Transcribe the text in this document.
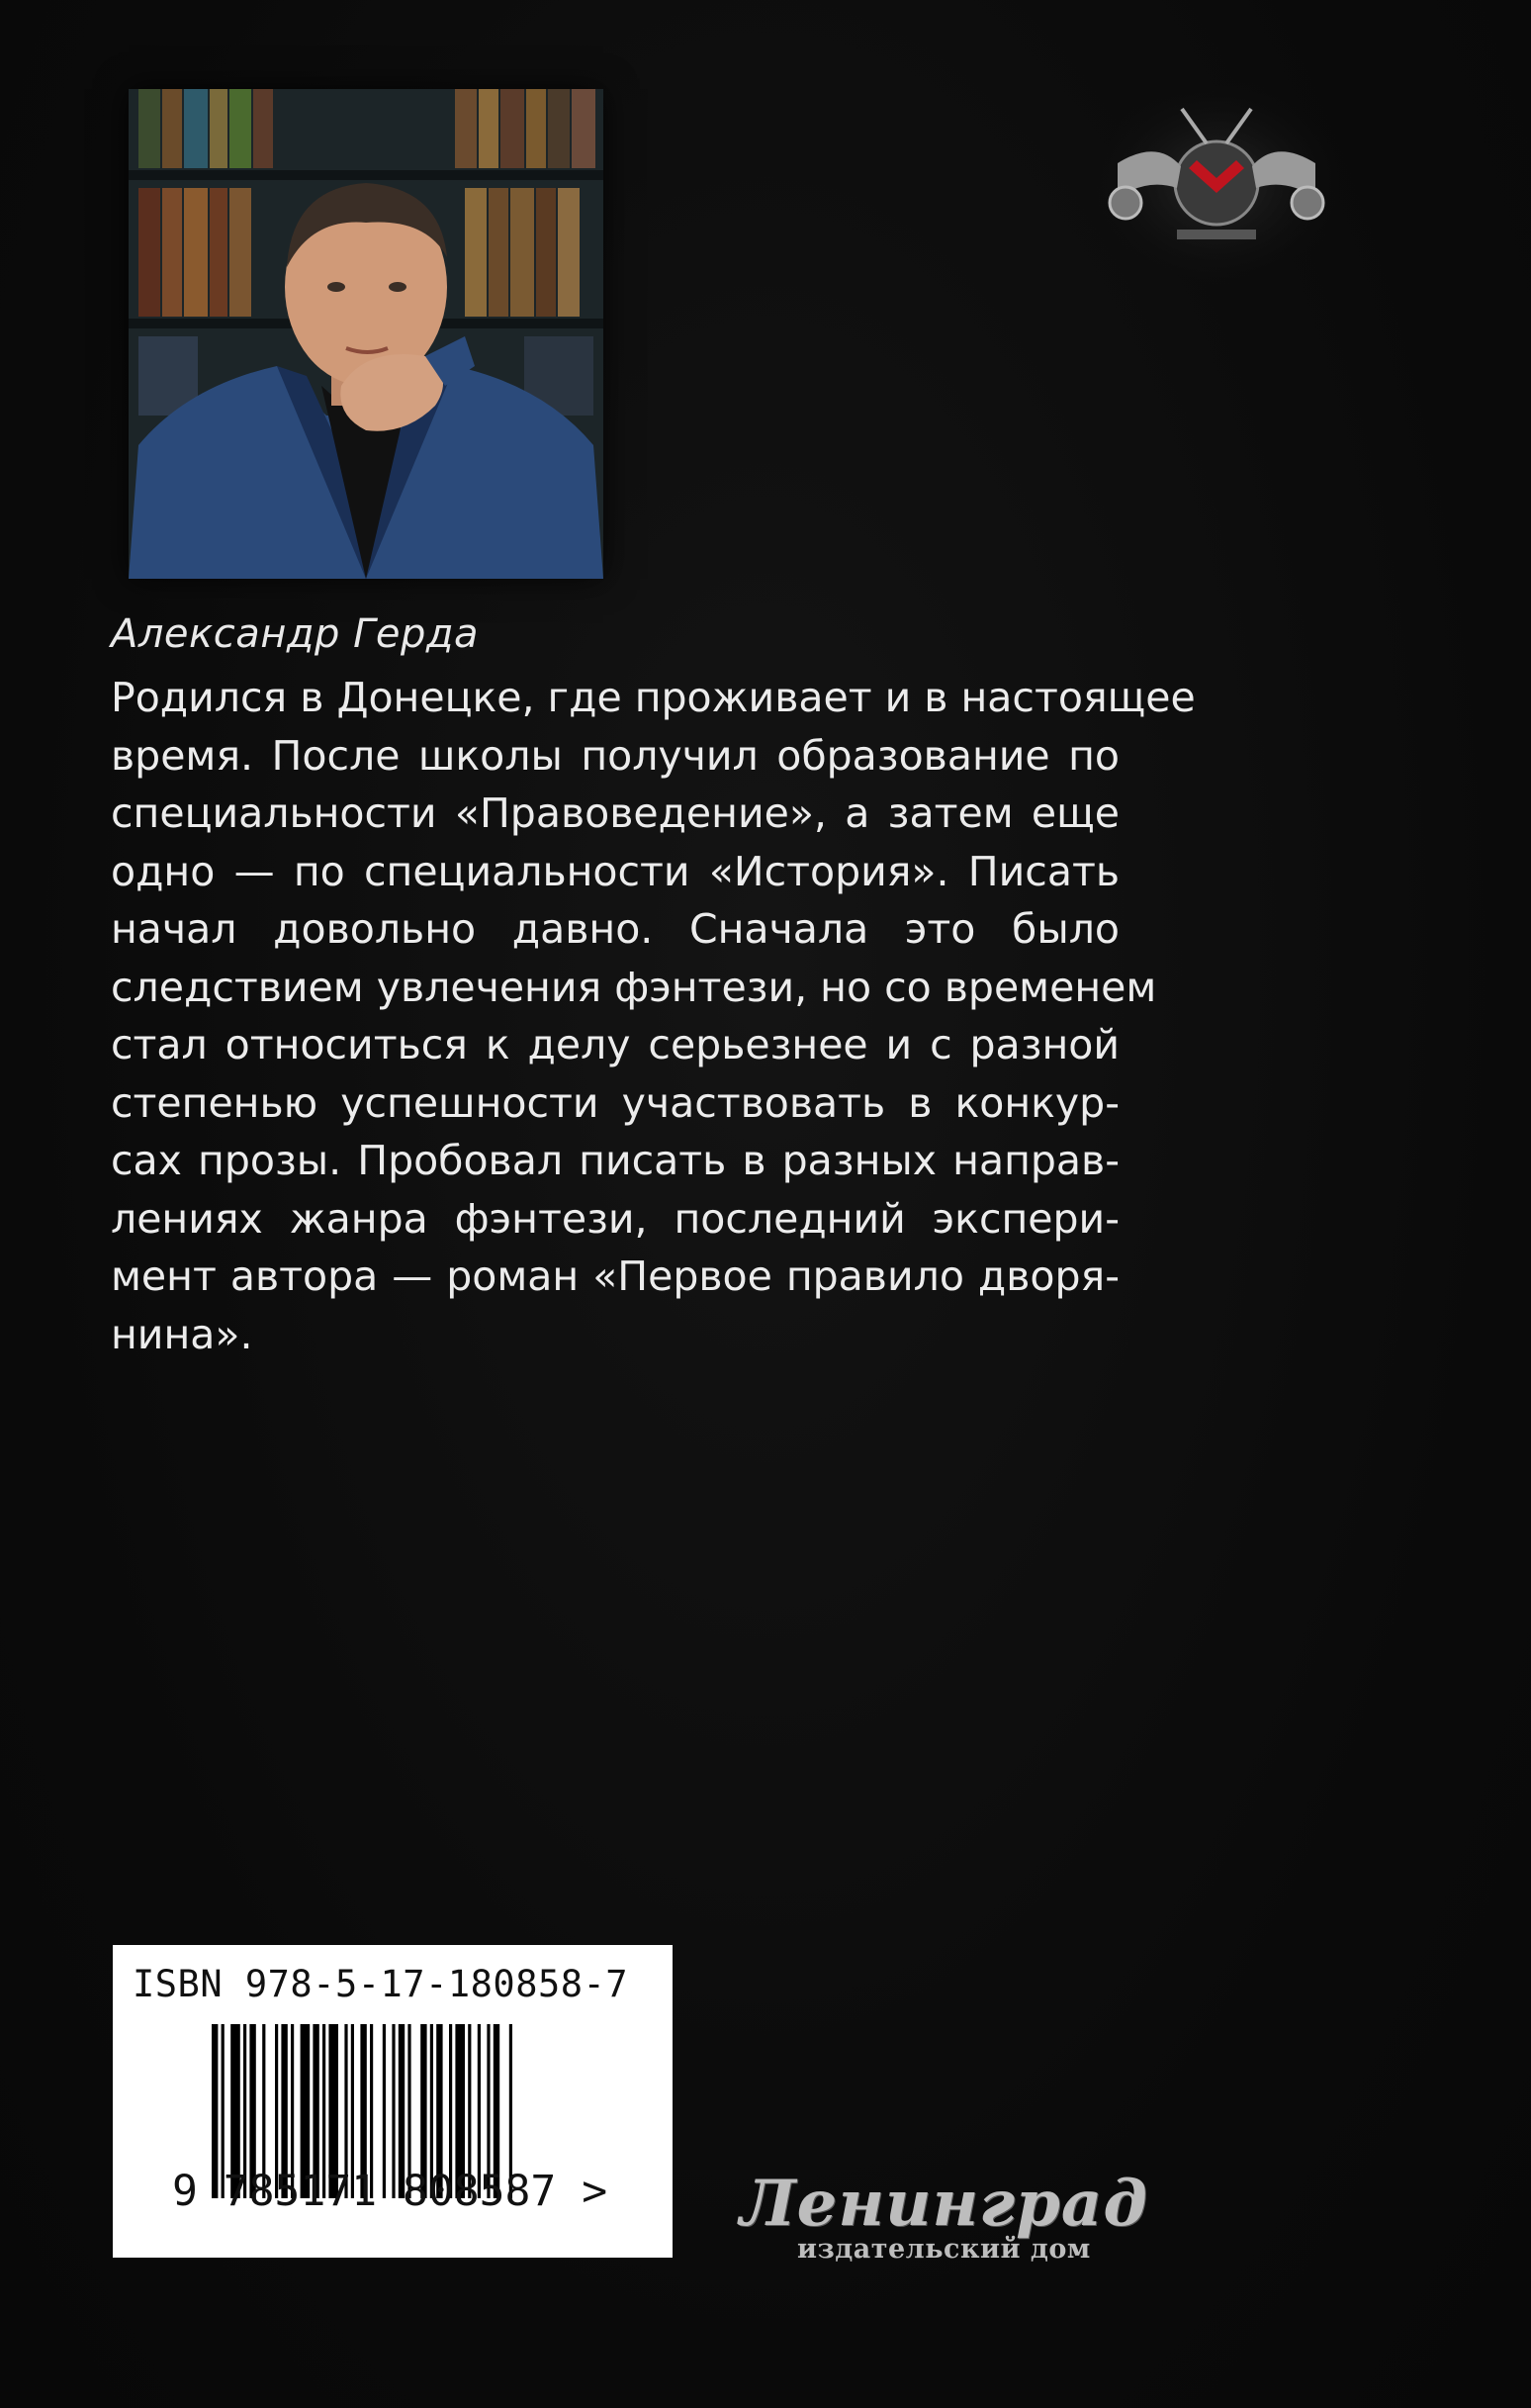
Александр Герда
Родился в Донецке, где проживает и в настоящее
время. После школы получил образование по
специальности «Правоведение», а затем еще
одно — по специальности «История». Писать
начал довольно давно. Сначала это было
следствием увлечения фэнтези, но со временем
стал относиться к делу серьезнее и с разной
степенью успешности участвовать в конкур-
сах прозы. Пробовал писать в разных направ-
лениях жанра фэнтези, последний экспери-
мент автора — роман «Первое правило дворя-
нина».
ISBN 978-5-17-180858-7
9 785171 808587 > Ленинград
издательский дом
